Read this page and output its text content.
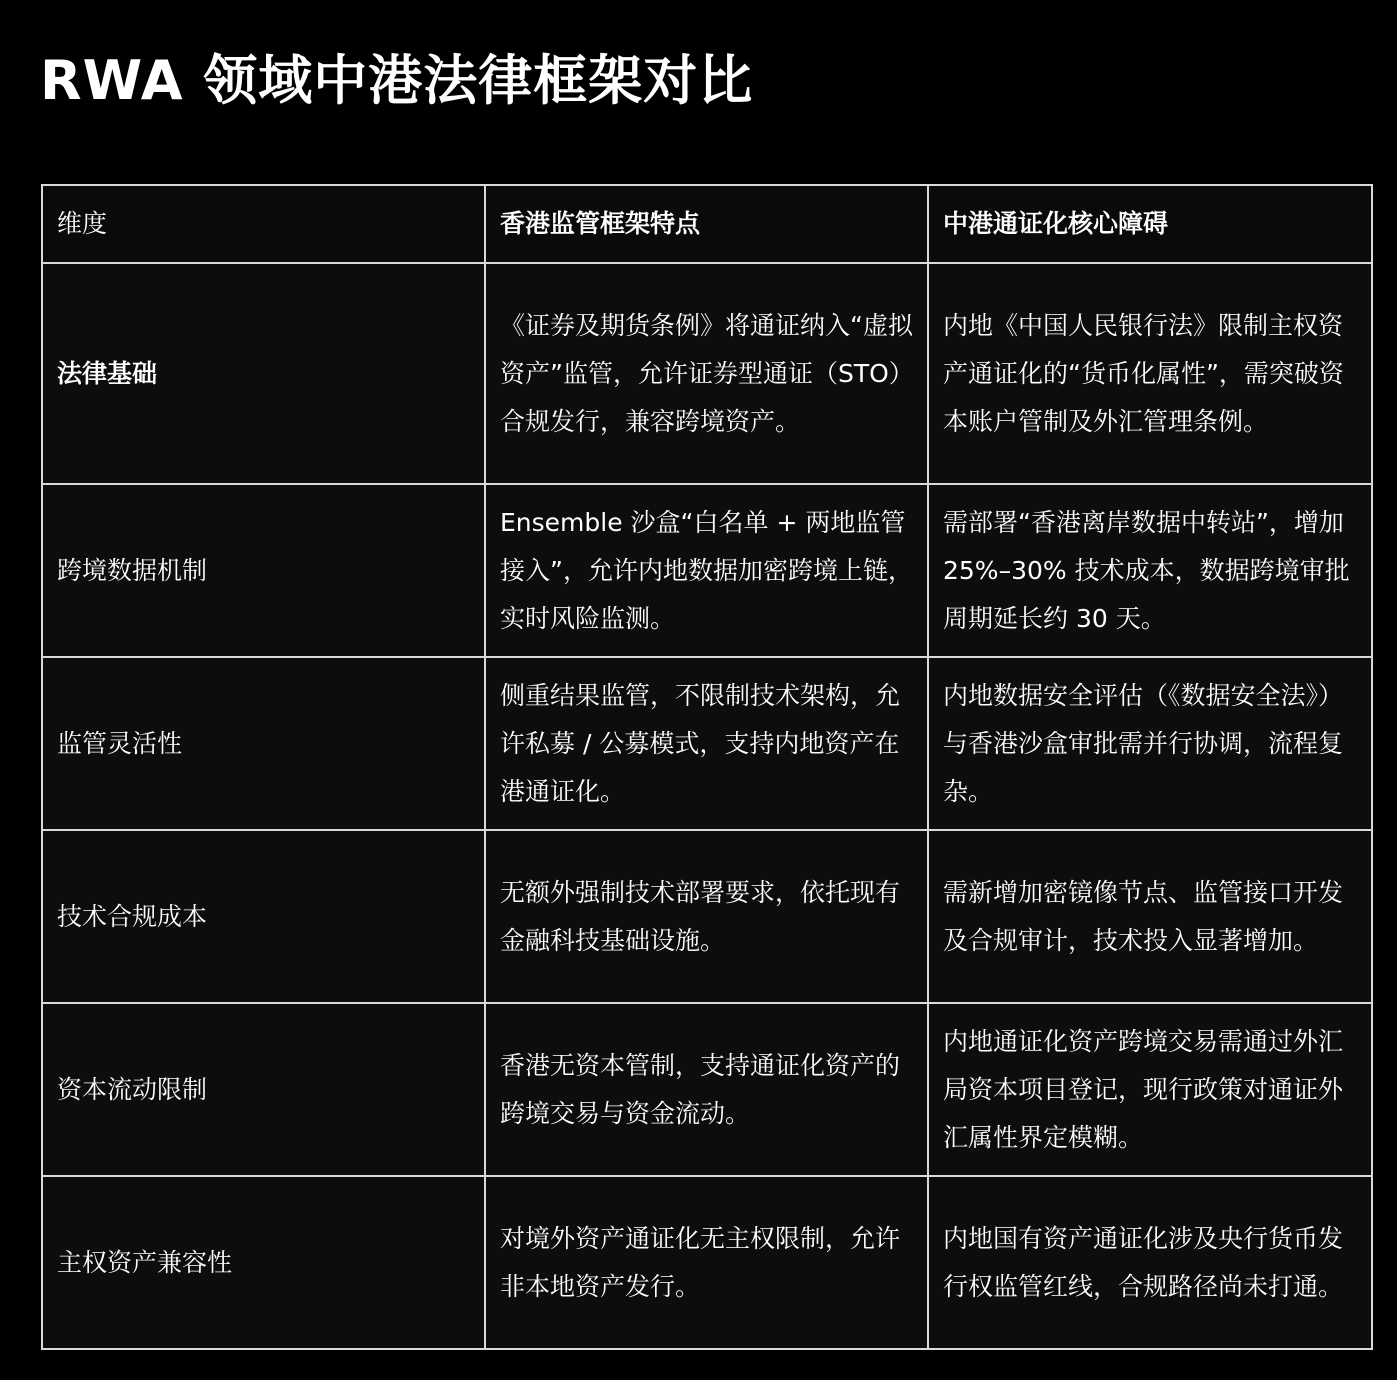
RWA 领域中港法律框架对比
维度	香港监管框架特点	中港通证化核心障碍
法律基础	《证券及期货条例》将通证纳入“虚拟资产”监管，允许证券型通证（STO）合规发行，兼容跨境资产。	内地《中国人民银行法》限制主权资产通证化的“货币化属性”，需突破资本账户管制及外汇管理条例。
跨境数据机制	Ensemble 沙盒“白名单 + 两地监管接入”，允许内地数据加密跨境上链，实时风险监测。	需部署“香港离岸数据中转站”，增加 25%–30% 技术成本，数据跨境审批周期延长约 30 天。
监管灵活性	侧重结果监管，不限制技术架构，允许私募 / 公募模式，支持内地资产在港通证化。	内地数据安全评估（《数据安全法》）与香港沙盒审批需并行协调，流程复杂。
技术合规成本	无额外强制技术部署要求，依托现有金融科技基础设施。	需新增加密镜像节点、监管接口开发及合规审计，技术投入显著增加。
资本流动限制	香港无资本管制，支持通证化资产的跨境交易与资金流动。	内地通证化资产跨境交易需通过外汇局资本项目登记，现行政策对通证外汇属性界定模糊。
主权资产兼容性	对境外资产通证化无主权限制，允许非本地资产发行。	内地国有资产通证化涉及央行货币发行权监管红线，合规路径尚未打通。
